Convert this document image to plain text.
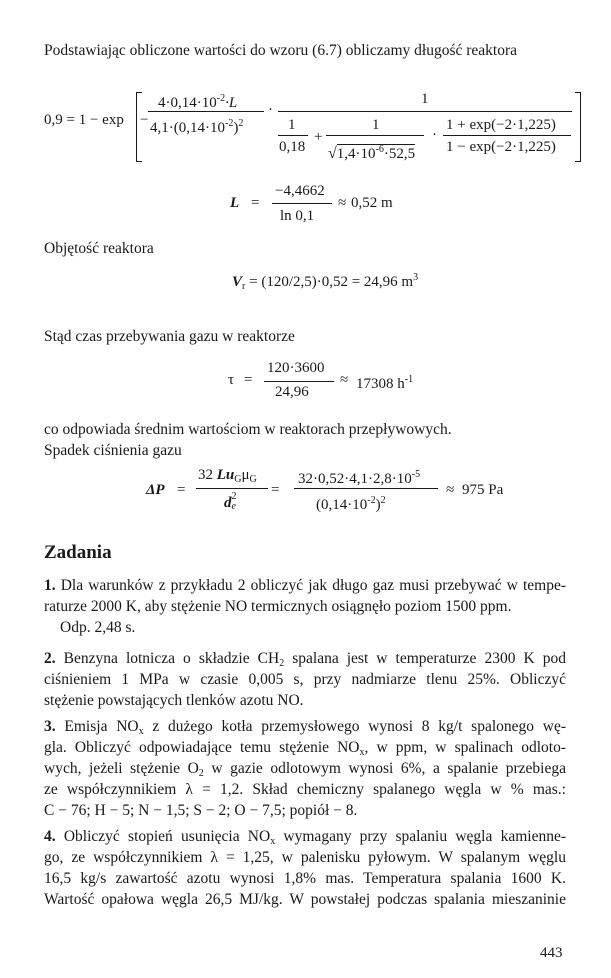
Podstawiając obliczone wartości do wzoru (6.7) obliczamy długość reaktora
0,9 = 1 − exp −
$4\cdot 0,14\cdot 10^{-2}\cdot L$
$4,1\cdot(0,14\cdot 10^{-2})^2$
·
1
1
0,18
+
1
$√1,4\cdot 10^{-6}\cdot 52,5$
·
1 + exp(−2·1,225)
1 − exp(−2·1,225)
L =
−4,4662
ln 0,1
≈ 0,52 m
Objętość reaktora
$V_r = (120/2,5)\cdot 0,52 = 24,96$ $m^3$
Stąd czas przebywania gazu w reaktorze
τ =
120·3600
24,96
≈ 17308 $h^{-1}$
co odpowiada średnim wartościom w reaktorach przepływowych.
Spadek ciśnienia gazu
ΔP =
32 $Lu_G\mu_G$
d 2
e
=
$32\cdot 0,52\cdot 4,1\cdot 2,8\cdot 10^{-5}$
$(0,14\cdot 10^{-2})^2$
≈ 975 Pa
Zadania
1. Dla warunków z przykładu 2 obliczyć jak długo gaz musi przebywać w tempe-
raturze 2000 K, aby stężenie NO termicznych osiągnęło poziom 1500 ppm.
Odp. 2,48 s.
2. Benzyna lotnicza o składzie $CH_2$ spalana jest w temperaturze 2300 K pod
ciśnieniem 1 MPa w czasie 0,005 s, przy nadmiarze tlenu 25%. Obliczyć
stężenie powstających tlenków azotu NO.
3. Emisja $NO_x$ z dużego kotła przemysłowego wynosi 8 kg/t spalonego wę-
gla. Obliczyć odpowiadające temu stężenie $NO_x$, w ppm, w spalinach odloto-
wych, jeżeli stężenie $O_2$ w gazie odlotowym wynosi 6%, a spalanie przebiega
ze współczynnikiem λ = 1,2. Skład chemiczny spalanego węgla w % mas.:
C − 76; H − 5; N − 1,5; S − 2; O − 7,5; popiół − 8.
4. Obliczyć stopień usunięcia $NO_x$ wymagany przy spalaniu węgla kamienne-
go, ze współczynnikiem λ = 1,25, w palenisku pyłowym. W spalanym węglu
16,5 kg/s zawartość azotu wynosi 1,8% mas. Temperatura spalania 1600 K.
Wartość opałowa węgla 26,5 MJ/kg. W powstałej podczas spalania mieszaninie
443
